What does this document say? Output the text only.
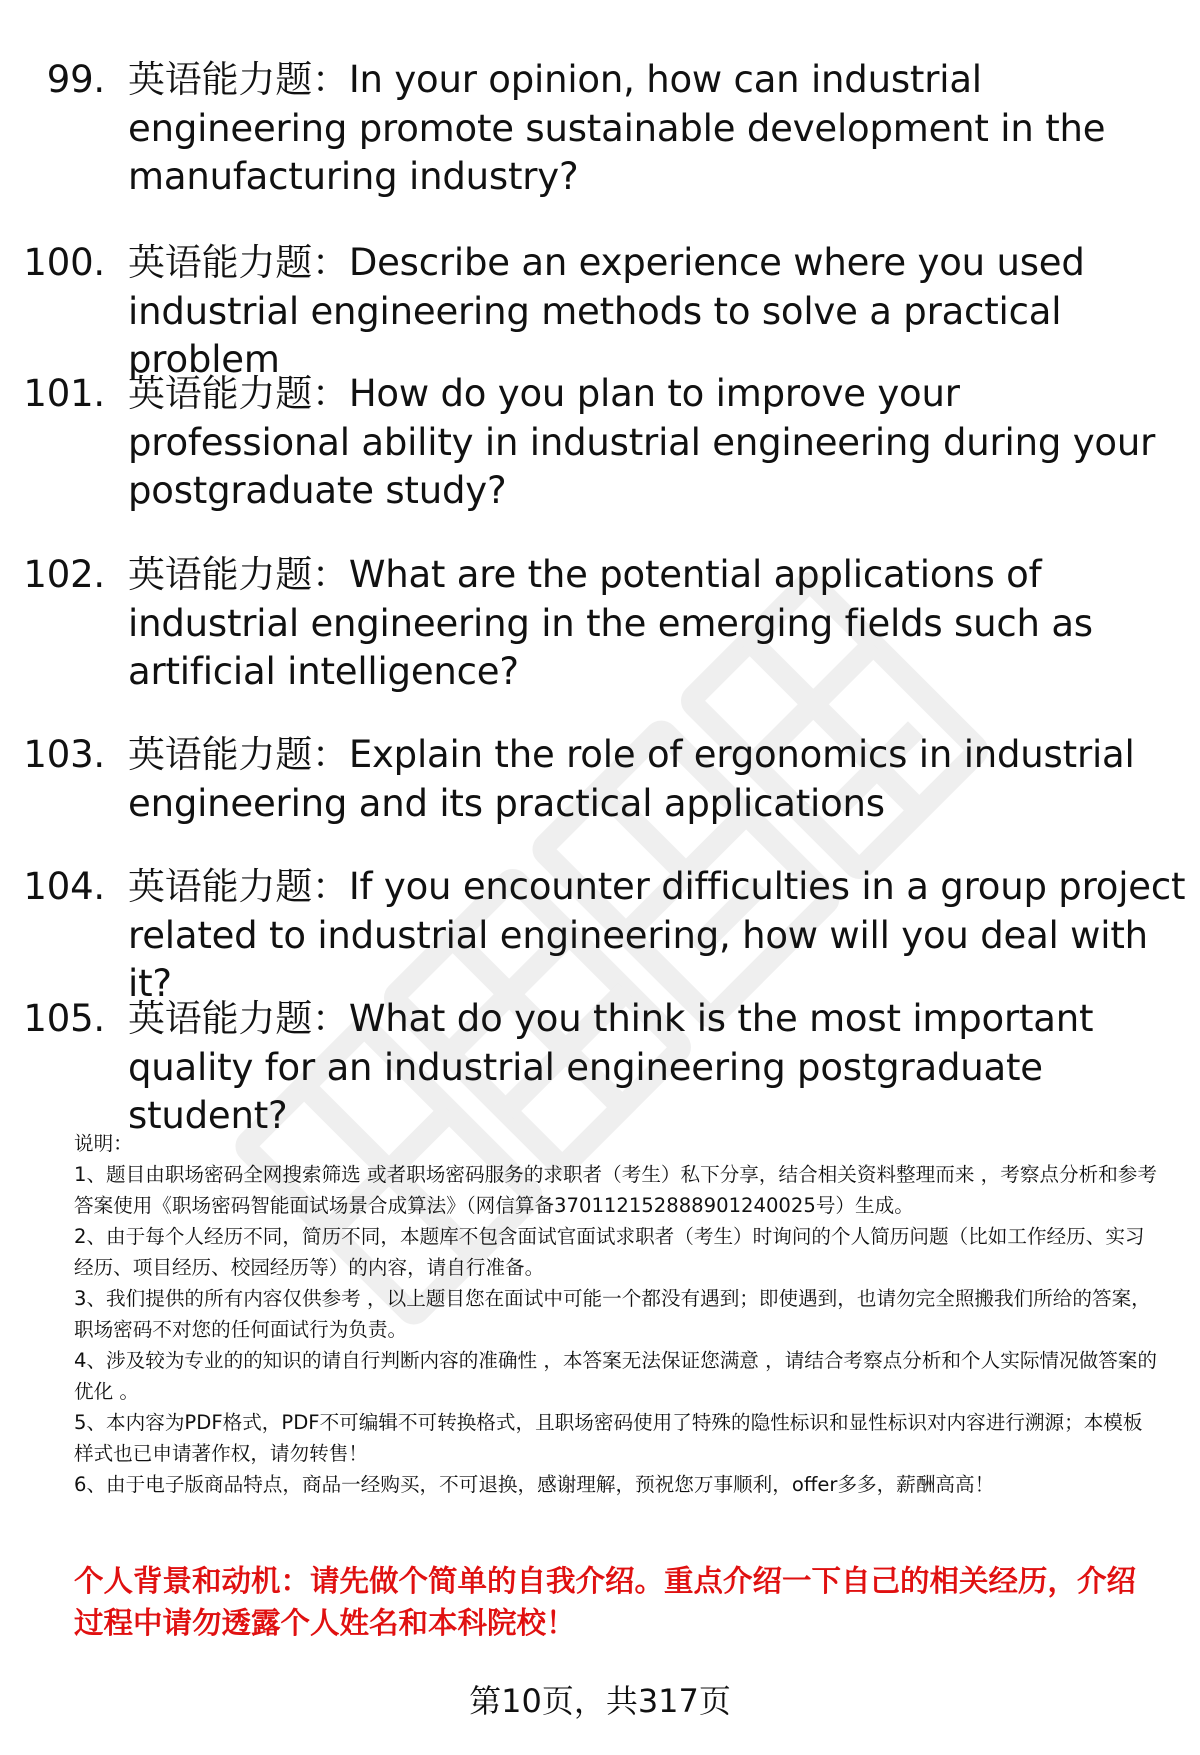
99. 英语能力题：In your opinion, how can industrial engineering promote sustainable development in the manufacturing industry?
100. 英语能力题：Describe an experience where you used industrial engineering methods to solve a practical problem
101. 英语能力题：How do you plan to improve your professional ability in industrial engineering during your postgraduate study?
102. 英语能力题：What are the potential applications of industrial engineering in the emerging fields such as artificial intelligence?
103. 英语能力题：Explain the role of ergonomics in industrial engineering and its practical applications
104. 英语能力题：If you encounter difficulties in a group project related to industrial engineering, how will you deal with it?
105. 英语能力题：What do you think is the most important quality for an industrial engineering postgraduate student?

说明：

1、题目由职场密码全网搜索筛选 或者职场密码服务的求职者（考生）私下分享，结合相关资料整理而来 ，考察点分析和参考答案使用《职场密码智能面试场景合成算法》（网信算备370112152888901240025号）生成。

2、由于每个人经历不同，简历不同，本题库不包含面试官面试求职者（考生）时询问的个人简历问题（比如工作经历、实习经历、项目经历、校园经历等）的内容，请自行准备。

3、我们提供的所有内容仅供参考 ，以上题目您在面试中可能一个都没有遇到；即使遇到，也请勿完全照搬我们所给的答案，职场密码不对您的任何面试行为负责。

4、涉及较为专业的的知识的请自行判断内容的准确性 ，本答案无法保证您满意 ，请结合考察点分析和个人实际情况做答案的优化 。

5、本内容为PDF格式，PDF不可编辑不可转换格式，且职场密码使用了特殊的隐性标识和显性标识对内容进行溯源；本模板样式也已申请著作权，请勿转售！

6、由于电子版商品特点，商品一经购买，不可退换，感谢理解，预祝您万事顺利，offer多多，薪酬高高！

个人背景和动机：请先做个简单的自我介绍。重点介绍一下自己的相关经历，介绍过程中请勿透露个人姓名和本科院校！
第10页，共317页
